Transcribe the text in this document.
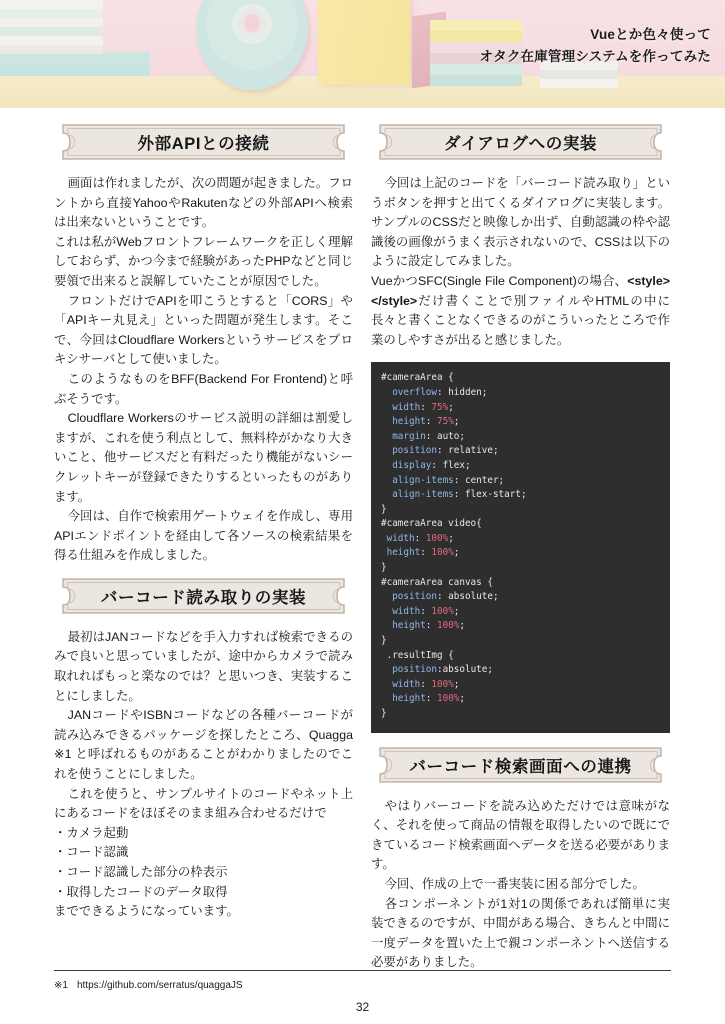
Vueとか色々使って
オタク在庫管理システムを作ってみた
外部APIとの接続

画面は作れましたが、次の問題が起きました。フロントから直接YahooやRakutenなどの外部APIへ検索は出来ないということです。

これは私がWebフロントフレームワークを正しく理解しておらず、かつ今まで経験があったPHPなどと同じ要領で出来ると誤解していたことが原因でした。

フロントだけでAPIを叩こうとすると「CORS」や「APIキー丸見え」といった問題が発生します。そこで、今回はCloudflare Workersというサービスをプロキシサーバとして使いました。

このようなものをBFF(Backend For Frontend)と呼ぶそうです。

Cloudflare Workersのサービス説明の詳細は割愛しますが、これを使う利点として、無料枠がかなり大きいこと、他サービスだと有料だったり機能がないシークレットキーが登録できたりするといったものがあります。

今回は、自作で検索用ゲートウェイを作成し、専用APIエンドポイントを経由して各ソースの検索結果を得る仕組みを作成しました。

バーコード読み取りの実装

最初はJANコードなどを手入力すれば検索できるのみで良いと思っていましたが、途中からカメラで読み取れればもっと楽なのでは？と思いつき、実装することにしました。

JANコードやISBNコードなどの各種バーコードが読み込みできるパッケージを探したところ、Quagga ※1 と呼ばれるものがあることがわかりましたのでこれを使うことにしました。

これを使うと、サンプルサイトのコードやネット上にあるコードをほぼそのまま組み合わせるだけで

・カメラ起動
・コード認識
・コード認識した部分の枠表示
・取得したコードのデータ取得

までできるようになっています。

ダイアログへの実装

今回は上記のコードを「バーコード読み取り」というボタンを押すと出てくるダイアログに実装します。サンプルのCSSだと映像しか出ず、自動認識の枠や認識後の画像がうまく表示されないので、CSSは以下のように設定してみました。

VueかつSFC(Single File Component)の場合、<style></style>だけ書くことで別ファイルやHTMLの中に長々と書くことなくできるのがこういったところで作業のしやすさが出ると感じました。

#cameraArea {
overflow: hidden;
width: 75%;
height: 75%;
margin: auto;
position: relative;
display: flex;
align-items: center;
align-items: flex-start;
}
#cameraArea video{
width: 100%;
height: 100%;
}
#cameraArea canvas {
position: absolute;
width: 100%;
height: 100%;
}
.resultImg {
position:absolute;
width: 100%;
height: 100%;
}
バーコード検索画面への連携

やはりバーコードを読み込めただけでは意味がなく、それを使って商品の情報を取得したいので既にできているコード検索画面へデータを送る必要があります。

今回、作成の上で一番実装に困る部分でした。

各コンポーネントが1対1の関係であれば簡単に実装できるのですが、中間がある場合、きちんと中間に一度データを置いた上で親コンポーネントへ送信する必要がありました。

※1 https://github.com/serratus/quaggaJS
32
